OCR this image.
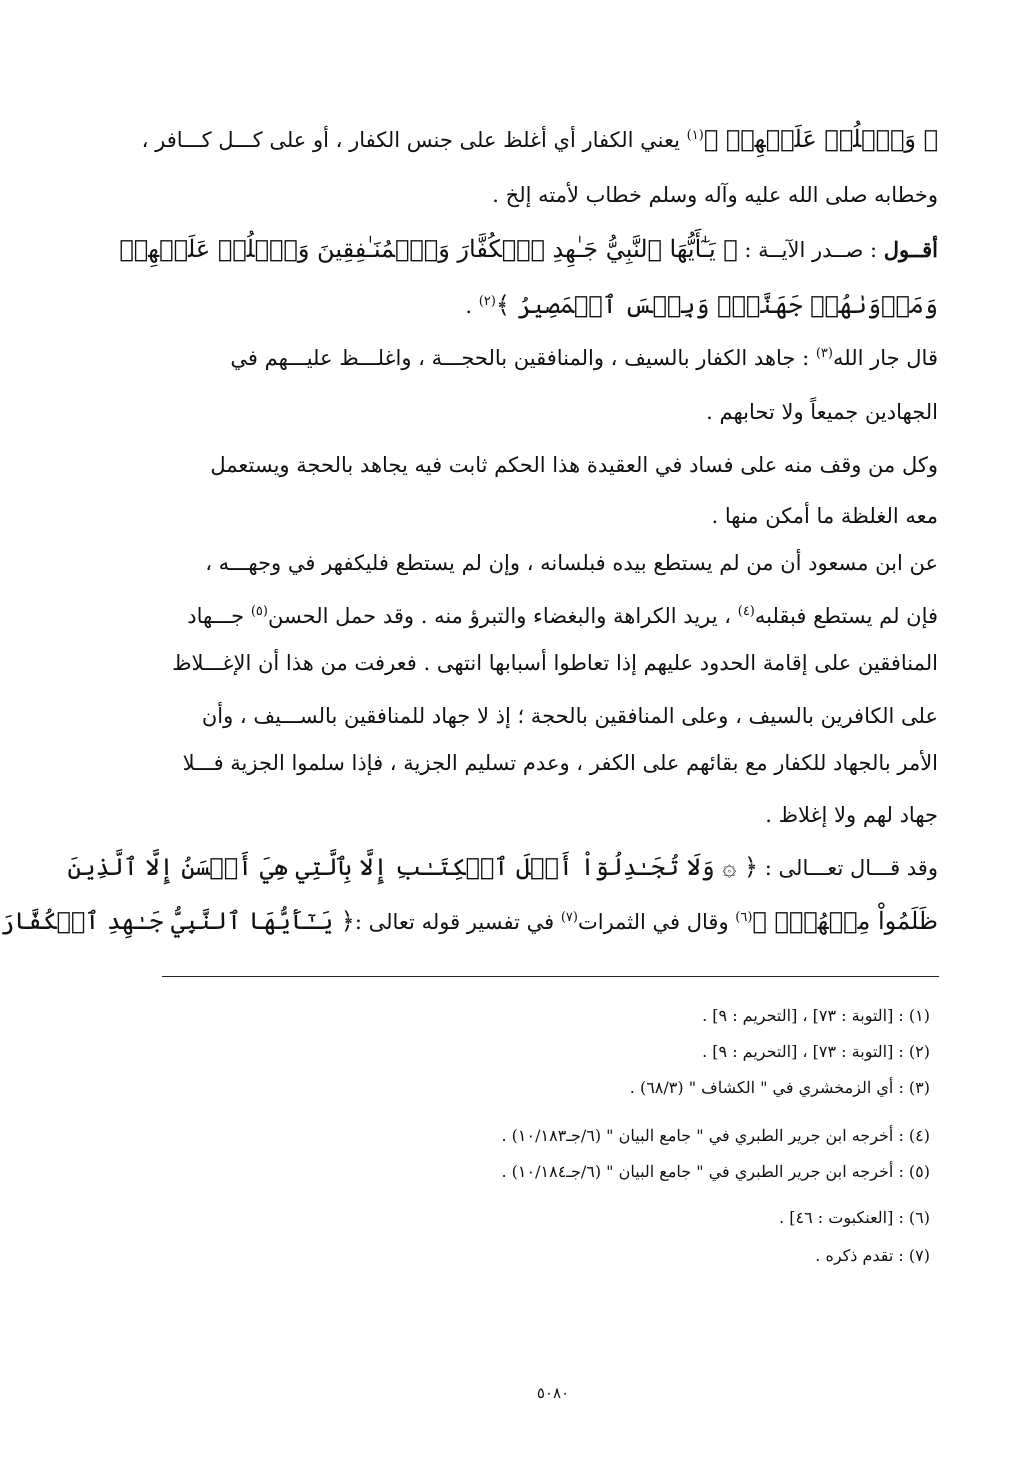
﴿ وَٱغۡلُظۡ عَلَيۡهِمۡ ﴾$^{(١)}$ يعني الكفار أي أغلظ على جنس الكفار ، أو على كـــل كـــافر ،
وخطابه صلى الله عليه وآله وسلم خطاب لأمته إلخ .
أقــول : صــدر الآيــة : ﴿ يَـٰٓأَيُّهَا ٱلنَّبِيُّ جَـٰهِدِ ٱلۡكُفَّارَ وَٱلۡمُنَـٰفِقِينَ وَٱغۡلُظۡ عَلَيۡهِمۡ
وَمَأۡوَىٰهُمۡ جَهَنَّمُۖ وَبِئۡسَ ٱلۡمَصِيرُ ﴾$^{(٢)}$ .
قال جار الله$^{(٣)}$ : جاهد الكفار بالسيف ، والمنافقين بالحجـــة ، واغلـــظ عليـــهم في
الجهادين جميعاً ولا تحابهم .
وكل من وقف منه على فساد في العقيدة هذا الحكم ثابت فيه يجاهد بالحجة ويستعمل
معه الغلظة ما أمكن منها .
عن ابن مسعود أن من لم يستطع بيده فبلسانه ، وإن لم يستطع فليكفهر في وجهـــه ،
فإن لم يستطع فبقلبه$^{(٤)}$ ، يريد الكراهة والبغضاء والتبرؤ منه . وقد حمل الحسن$^{(٥)}$ جـــهاد
المنافقين على إقامة الحدود عليهم إذا تعاطوا أسبابها انتهى . فعرفت من هذا أن الإغـــلاظ
على الكافرين بالسيف ، وعلى المنافقين بالحجة ؛ إذ لا جهاد للمنافقين بالســـيف ، وأن
الأمر بالجهاد للكفار مع بقائهم على الكفر ، وعدم تسليم الجزية ، فإذا سلموا الجزية فـــلا
جهاد لهم ولا إغلاظ .
وقد قـــال تعـــالى : ﴿ ۞ وَلَا تُجَـٰدِلُوٓاْ أَهۡلَ ٱلۡكِتَـٰبِ إِلَّا بِٱلَّتِي هِيَ أَحۡسَنُ إِلَّا ٱلَّذِينَ
ظَلَمُواْ مِنۡهُمۡۖ ﴾$^{(٦)}$ وقال في الثمرات$^{(٧)}$ في تفسير قوله تعالى :﴿ يَـٰٓأَيُّهَا ٱلنَّبِيُّ جَـٰهِدِ ٱلۡكُفَّارَ
(١) : [التوبة : ٧٣] ، [التحريم : ٩] .
(٢) : [التوبة : ٧٣] ، [التحريم : ٩] .
(٣) : أي الزمخشري في " الكشاف " (٦٨/٣) .
(٤) : أخرجه ابن جرير الطبري في " جامع البيان " (٦/جـ١٠/١٨٣) .
(٥) : أخرجه ابن جرير الطبري في " جامع البيان " (٦/جـ١٠/١٨٤) .
(٦) : [العنكبوت : ٤٦] .
(٧) : تقدم ذكره .
٥٠٨٠
